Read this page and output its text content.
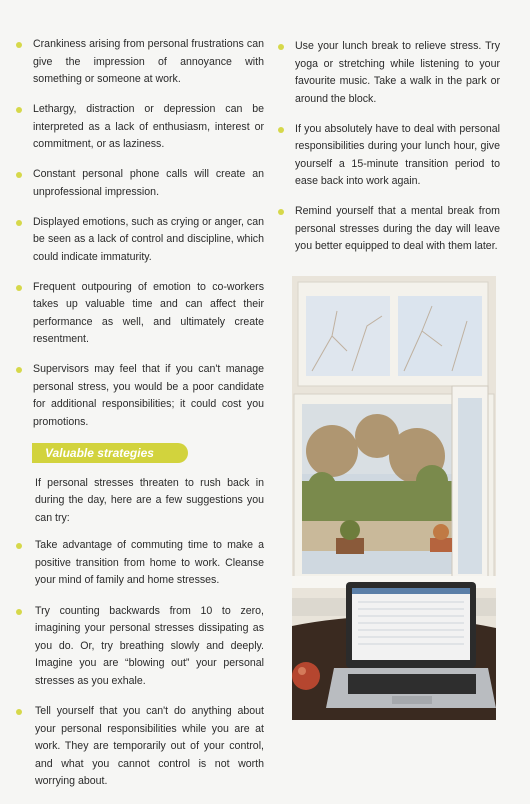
Crankiness arising from personal frustrations can give the impression of annoyance with something or someone at work.
Lethargy, distraction or depression can be interpreted as a lack of enthusiasm, interest or commitment, or as laziness.
Constant personal phone calls will create an unprofessional impression.
Displayed emotions, such as crying or anger, can be seen as a lack of control and discipline, which could indicate immaturity.
Frequent outpouring of emotion to co-workers takes up valuable time and can affect their performance as well, and ultimately create resentment.
Supervisors may feel that if you can't manage personal stress, you would be a poor candidate for additional responsibilities; it could cost you promotions.
Valuable strategies
If personal stresses threaten to rush back in during the day, here are a few suggestions you can try:
Take advantage of commuting time to make a positive transition from home to work. Cleanse your mind of family and home stresses.
Try counting backwards from 10 to zero, imagining your personal stresses dissipating as you do. Or, try breathing slowly and deeply. Imagine you are “blowing out” your personal stresses as you exhale.
Tell yourself that you can't do anything about your personal responsibilities while you are at work. They are temporarily out of your control, and what you cannot control is not worth worrying about.
Use your lunch break to relieve stress. Try yoga or stretching while listening to your favourite music. Take a walk in the park or around the block.
If you absolutely have to deal with personal responsibilities during your lunch hour, give yourself a 15-minute transition period to ease back into work again.
Remind yourself that a mental break from personal stresses during the day will leave you better equipped to deal with them later.
